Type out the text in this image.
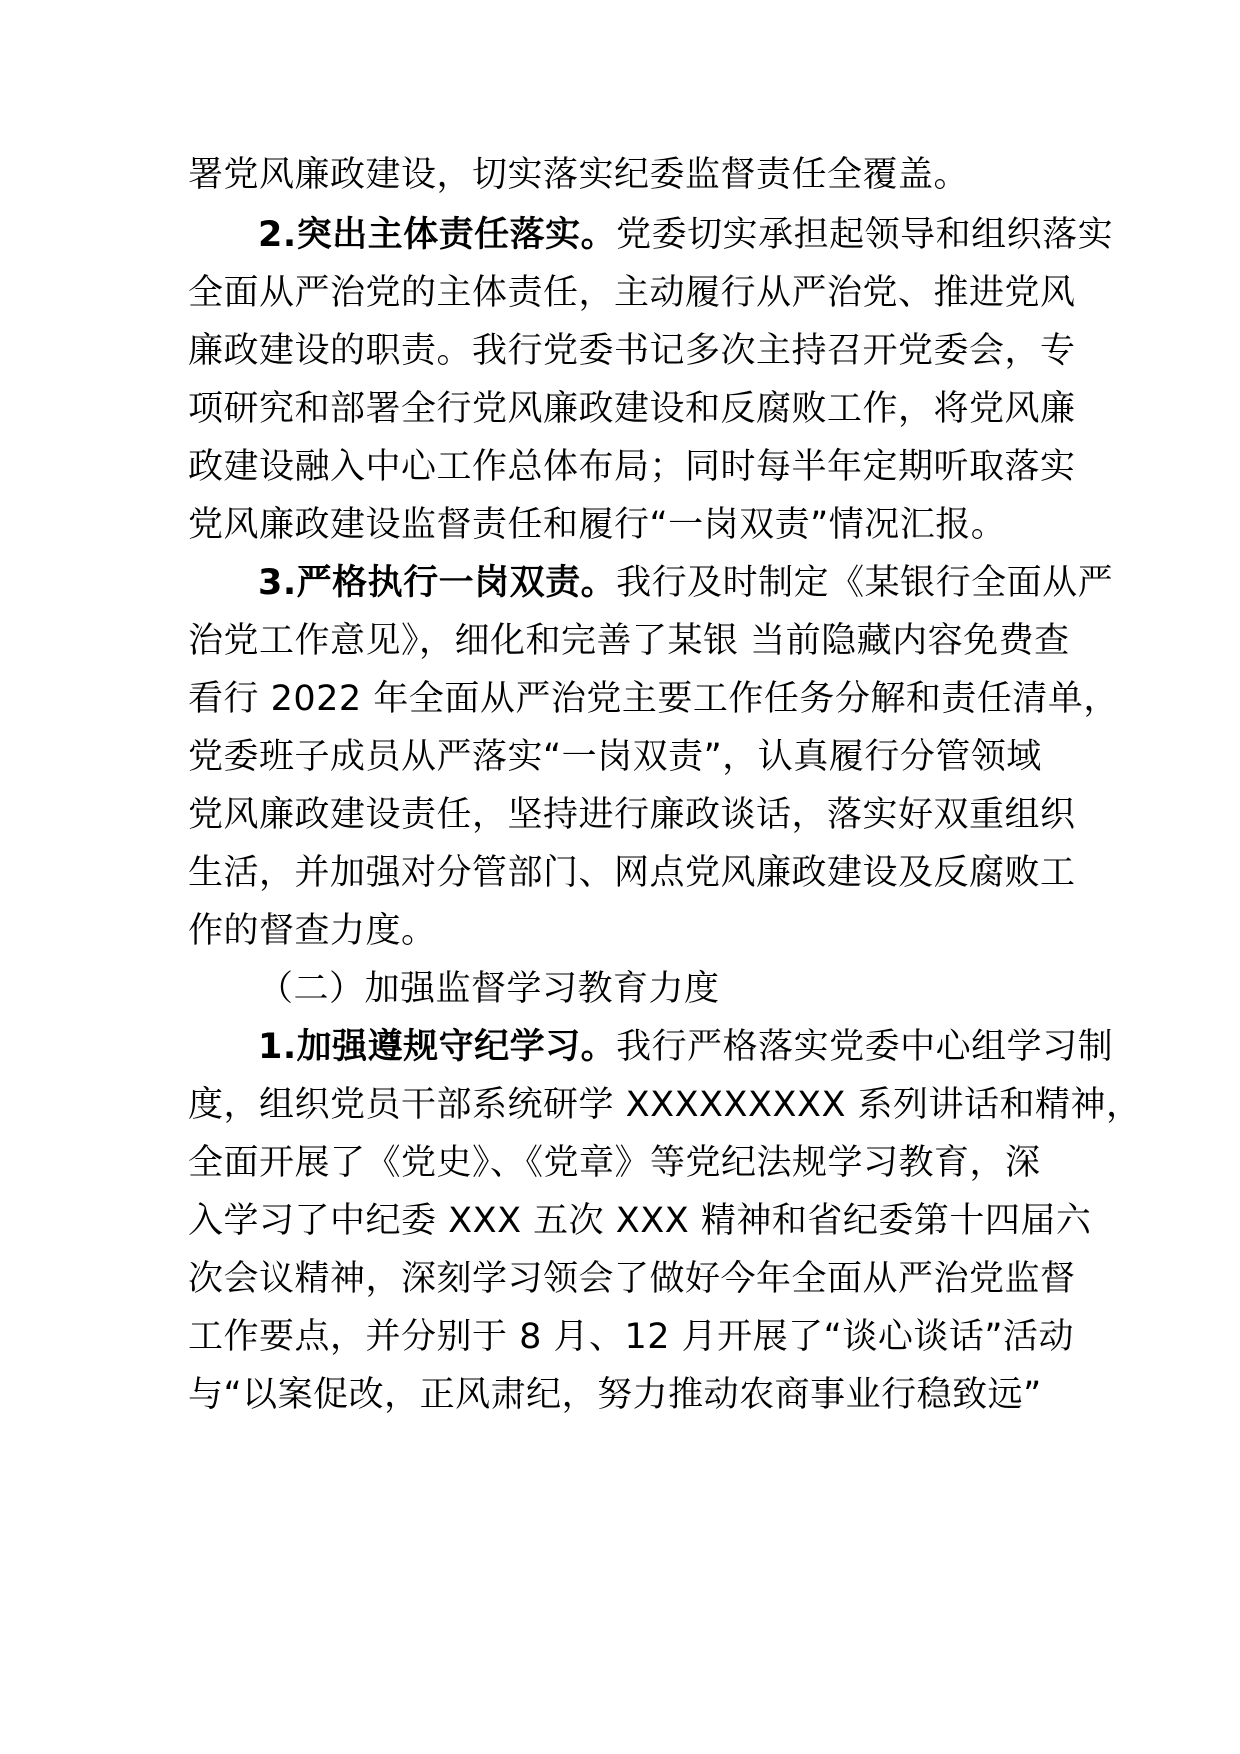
署党风廉政建设，切实落实纪委监督责任全覆盖。
2.突出主体责任落实。党委切实承担起领导和组织落实
全面从严治党的主体责任，主动履行从严治党、推进党风
廉政建设的职责。我行党委书记多次主持召开党委会，专
项研究和部署全行党风廉政建设和反腐败工作，将党风廉
政建设融入中心工作总体布局；同时每半年定期听取落实
党风廉政建设监督责任和履行“一岗双责”情况汇报。
3.严格执行一岗双责。我行及时制定《某银行全面从严
治党工作意见》，细化和完善了某银 当前隐藏内容免费查
看行 2022 年全面从严治党主要工作任务分解和责任清单，
党委班子成员从严落实“一岗双责”，认真履行分管领域
党风廉政建设责任，坚持进行廉政谈话，落实好双重组织
生活，并加强对分管部门、网点党风廉政建设及反腐败工
作的督查力度。
（二）加强监督学习教育力度
1.加强遵规守纪学习。我行严格落实党委中心组学习制
度，组织党员干部系统研学 XXXXXXXXX 系列讲话和精神，
全面开展了《党史》、《党章》等党纪法规学习教育，深
入学习了中纪委 XXX 五次 XXX 精神和省纪委第十四届六
次会议精神，深刻学习领会了做好今年全面从严治党监督
工作要点，并分别于 8 月、12 月开展了“谈心谈话”活动
与“以案促改，正风肃纪，努力推动农商事业行稳致远”
